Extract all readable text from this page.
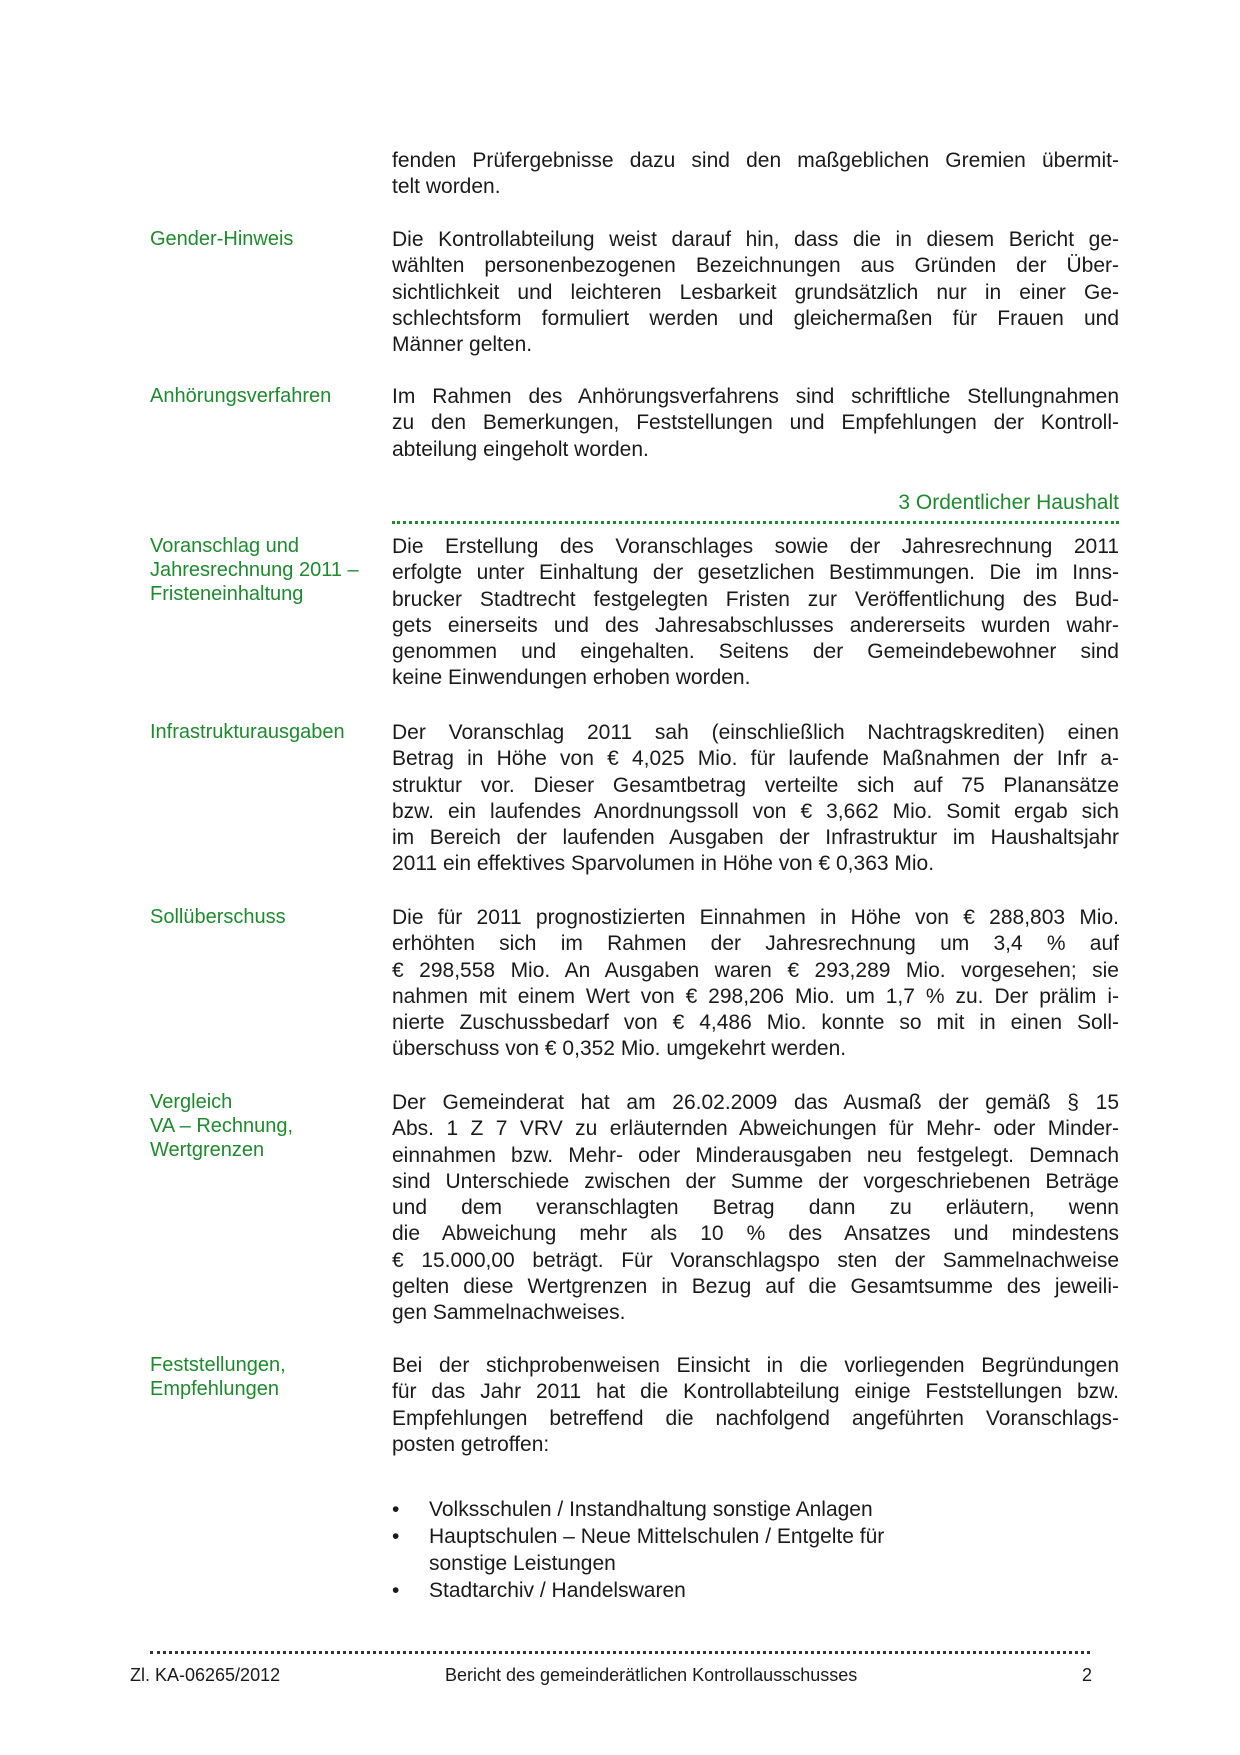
fenden Prüfergebnisse dazu sind den maßgeblichen Gremien übermit-
telt worden.
Gender-Hinweis	Die Kontrollabteilung weist darauf hin, dass die in diesem Bericht ge-
wählten personenbezogenen Bezeichnungen aus Gründen der Über-
sichtlichkeit und leichteren Lesbarkeit grundsätzlich nur in einer Ge-
schlechtsform formuliert werden und gleichermaßen für Frauen und
Männer gelten.
Anhörungsverfahren	Im Rahmen des Anhörungsverfahrens sind schriftliche Stellungnahmen
zu den Bemerkungen, Feststellungen und Empfehlungen der Kontroll-
abteilung eingeholt worden.
3 Ordentlicher Haushalt
Voranschlag und
Jahresrechnung 2011 –
Fristeneinhaltung
Die Erstellung des Voranschlages sowie der Jahresrechnung 2011
erfolgte unter Einhaltung der gesetzlichen Bestimmungen. Die im Inns-
brucker Stadtrecht festgelegten Fristen zur Veröffentlichung des Bud-
gets einerseits und des Jahresabschlusses andererseits wurden wahr-
genommen und eingehalten. Seitens der Gemeindebewohner sind
keine Einwendungen erhoben worden.
Infrastrukturausgaben	Der Voranschlag 2011 sah (einschließlich Nachtragskrediten) einen
Betrag in Höhe von € 4,025 Mio. für laufende Maßnahmen der Infr a-
struktur vor. Dieser Gesamtbetrag verteilte sich auf 75 Planansätze
bzw. ein laufendes Anordnungssoll von € 3,662 Mio. Somit ergab sich
im Bereich der laufenden Ausgaben der Infrastruktur im Haushaltsjahr
2011 ein effektives Sparvolumen in Höhe von € 0,363 Mio.
Sollüberschuss	Die für 2011 prognostizierten Einnahmen in Höhe von € 288,803 Mio.
erhöhten sich im Rahmen der Jahresrechnung um 3,4 % auf
€ 298,558 Mio. An Ausgaben waren € 293,289 Mio. vorgesehen; sie
nahmen mit einem Wert von € 298,206 Mio. um 1,7 % zu. Der prälim i-
nierte Zuschussbedarf von € 4,486 Mio. konnte so mit in einen Soll-
überschuss von € 0,352 Mio. umgekehrt werden.
Vergleich
VA – Rechnung,
Wertgrenzen
Der Gemeinderat hat am 26.02.2009 das Ausmaß der gemäß § 15
Abs. 1 Z 7 VRV zu erläuternden Abweichungen für Mehr- oder Minder-
einnahmen bzw. Mehr- oder Minderausgaben neu festgelegt. Demnach
sind Unterschiede zwischen der Summe der vorgeschriebenen Beträge
und dem veranschlagten Betrag dann zu erläutern, wenn
die Abweichung mehr als 10 % des Ansatzes und mindestens
€ 15.000,00 beträgt. Für Voranschlagspo sten der Sammelnachweise
gelten diese Wertgrenzen in Bezug auf die Gesamtsumme des jeweili-
gen Sammelnachweises.
Feststellungen,
Empfehlungen
Bei der stichprobenweisen Einsicht in die vorliegenden Begründungen
für das Jahr 2011 hat die Kontrollabteilung einige Feststellungen bzw.
Empfehlungen betreffend die nachfolgend angeführten Voranschlags-
posten getroffen:
• Volksschulen / Instandhaltung sonstige Anlagen
• Hauptschulen – Neue Mittelschulen / Entgelte für
sonstige Leistungen
• Stadtarchiv / Handelswaren
Zl. KA-06265/2012	Bericht des gemeinderätlichen Kontrollausschusses	2
